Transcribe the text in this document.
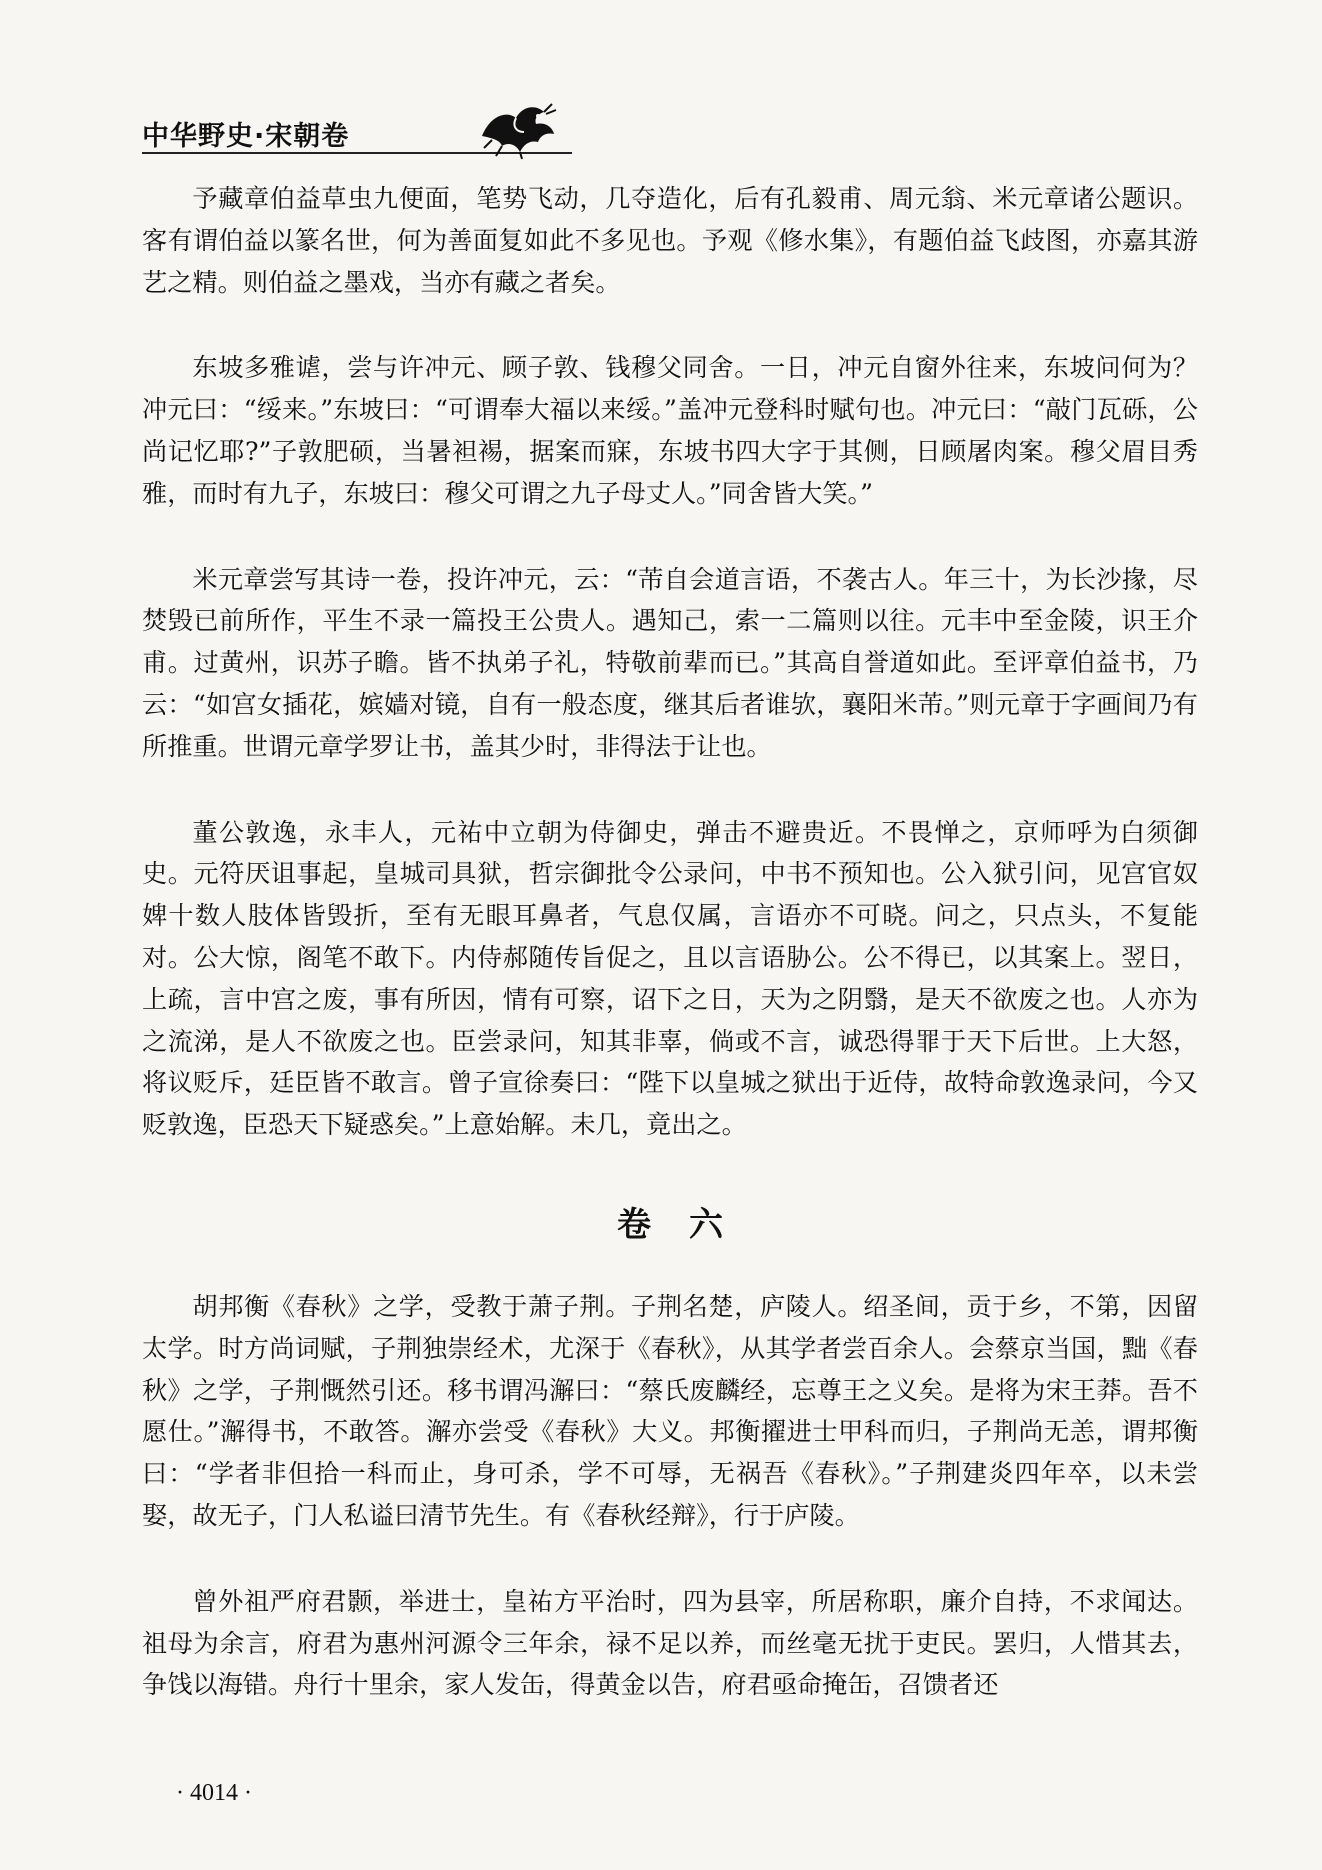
中华野史·宋朝卷

予藏章伯益草虫九便面，笔势飞动，几夺造化，后有孔毅甫、周元翁、米元章诸公题识。客有谓伯益以篆名世，何为善面复如此不多见也。予观《修水集》，有题伯益飞歧图，亦嘉其游艺之精。则伯益之墨戏，当亦有藏之者矣。

东坡多雅谑，尝与许冲元、顾子敦、钱穆父同舍。一日，冲元自窗外往来，东坡问何为？冲元曰：“绥来。”东坡曰：“可谓奉大福以来绥。”盖冲元登科时赋句也。冲元曰：“敲门瓦砾，公尚记忆耶?”子敦肥硕，当暑袒裼，据案而寐，东坡书四大字于其侧，日顾屠肉案。穆父眉目秀雅，而时有九子，东坡曰：穆父可谓之九子母丈人。”同舍皆大笑。”

米元章尝写其诗一卷，投许冲元，云：“芾自会道言语，不袭古人。年三十，为长沙掾，尽焚毁已前所作，平生不录一篇投王公贵人。遇知己，索一二篇则以往。元丰中至金陵，识王介甫。过黄州，识苏子瞻。皆不执弟子礼，特敬前辈而已。”其高自誉道如此。至评章伯益书，乃云：“如宫女插花，嫔嫱对镜，自有一般态度，继其后者谁欤，襄阳米芾。”则元章于字画间乃有所推重。世谓元章学罗让书，盖其少时，非得法于让也。

董公敦逸，永丰人，元祐中立朝为侍御史，弹击不避贵近。不畏惮之，京师呼为白须御史。元符厌诅事起，皇城司具狱，哲宗御批令公录问，中书不预知也。公入狱引问，见宫官奴婢十数人肢体皆毁折，至有无眼耳鼻者，气息仅属，言语亦不可晓。问之，只点头，不复能对。公大惊，阁笔不敢下。内侍郝随传旨促之，且以言语胁公。公不得已，以其案上。翌日，上疏，言中宫之废，事有所因，情有可察，诏下之日，天为之阴翳，是天不欲废之也。人亦为之流涕，是人不欲废之也。臣尝录问，知其非辜，倘或不言，诚恐得罪于天下后世。上大怒，将议贬斥，廷臣皆不敢言。曾子宣徐奏曰：“陛下以皇城之狱出于近侍，故特命敦逸录问，今又贬敦逸，臣恐天下疑惑矣。”上意始解。未几，竟出之。

卷六

胡邦衡《春秋》之学，受教于萧子荆。子荆名楚，庐陵人。绍圣间，贡于乡，不第，因留太学。时方尚词赋，子荆独崇经术，尤深于《春秋》，从其学者尝百余人。会蔡京当国，黜《春秋》之学，子荆慨然引还。移书谓冯澥曰：“蔡氏废麟经，忘尊王之义矣。是将为宋王莽。吾不愿仕。”澥得书，不敢答。澥亦尝受《春秋》大义。邦衡擢进士甲科而归，子荆尚无恙，谓邦衡曰：“学者非但拾一科而止，身可杀，学不可辱，无祸吾《春秋》。”子荆建炎四年卒，以未尝娶，故无子，门人私谥曰清节先生。有《春秋经辩》，行于庐陵。

曾外祖严府君颢，举进士，皇祐方平治时，四为县宰，所居称职，廉介自持，不求闻达。祖母为余言，府君为惠州河源令三年余，禄不足以养，而丝毫无扰于吏民。罢归，人惜其去，争饯以海错。舟行十里余，家人发缶，得黄金以告，府君亟命掩缶，召馈者还

· 4014 ·
